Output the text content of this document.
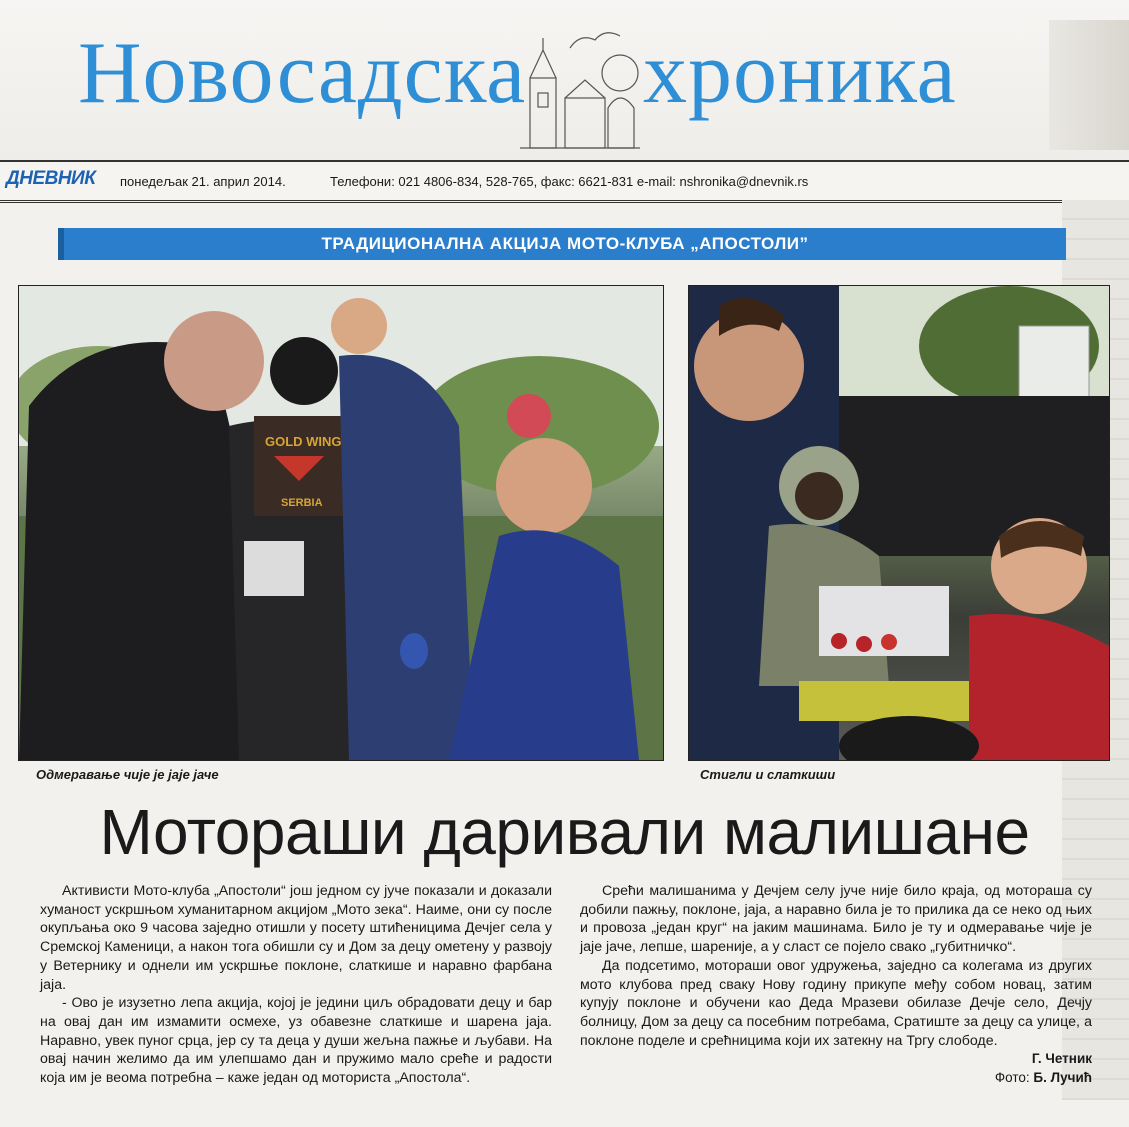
Новосадска хроника
ДНЕВНИК понедељак 21. април 2014.	Телефони: 021 4806-834, 528-765, факс: 6621-831 e-mail: nshronika@dnevnik.rs
ТРАДИЦИОНАЛНА АКЦИЈА МОТО-КЛУБА „АПОСТОЛИ”
GOLD WING
SERBIA
Одмеравање чије је јаје јаче	Стигли и слаткиши
Мотораши даривали малишане

Активисти Мото-клуба „Апостоли“ још једном су јуче показали и доказали хуманост ускршњом хуманитарном акцијом „Мото зека“. Наиме, они су после окупљања око 9 часова заједно отишли у посету штићеницима Дечјег села у Сремској Каменици, а након тога обишли су и Дом за децу ометену у развоју у Ветернику и однели им ускршње поклоне, слаткише и наравно фарбана јаја.

- Ово је изузетно лепа акција, којој је једини циљ обрадовати децу и бар на овај дан им измамити осмехе, уз обавезне слаткише и шарена јаја. Наравно, увек пуног срца, јер су та деца у души жељна пажње и љубави. На овај начин желимо да им улепшамо дан и пружимо мало среће и радости која им је веома потребна – каже један од мотористa „Апостола“.

Срећи малишанима у Дечјем селу јуче није било краја, од мотораша су добили пажњу, поклоне, јаја, а наравно била је то прилика да се неко од њих и провоза „један круг“ на јаким машинама. Било је ту и одмеравање чије је јаје јаче, лепше, шареније, а у сласт се појело свако „губитничко“.

Да подсетимо, мотораши овог удружења, заједно са колегама из других мото клубова пред сваку Нову годину прикупе међу собом новац, затим купују поклоне и обучени као Деда Мразеви обилазе Дечје село, Дечју болницу, Дом за децу са посебним потребама, Сратиште за децу са улице, а поклоне поделе и срећницима који их затекну на Тргу слободе.

Г. Четник
Фото: Б. Лучић
